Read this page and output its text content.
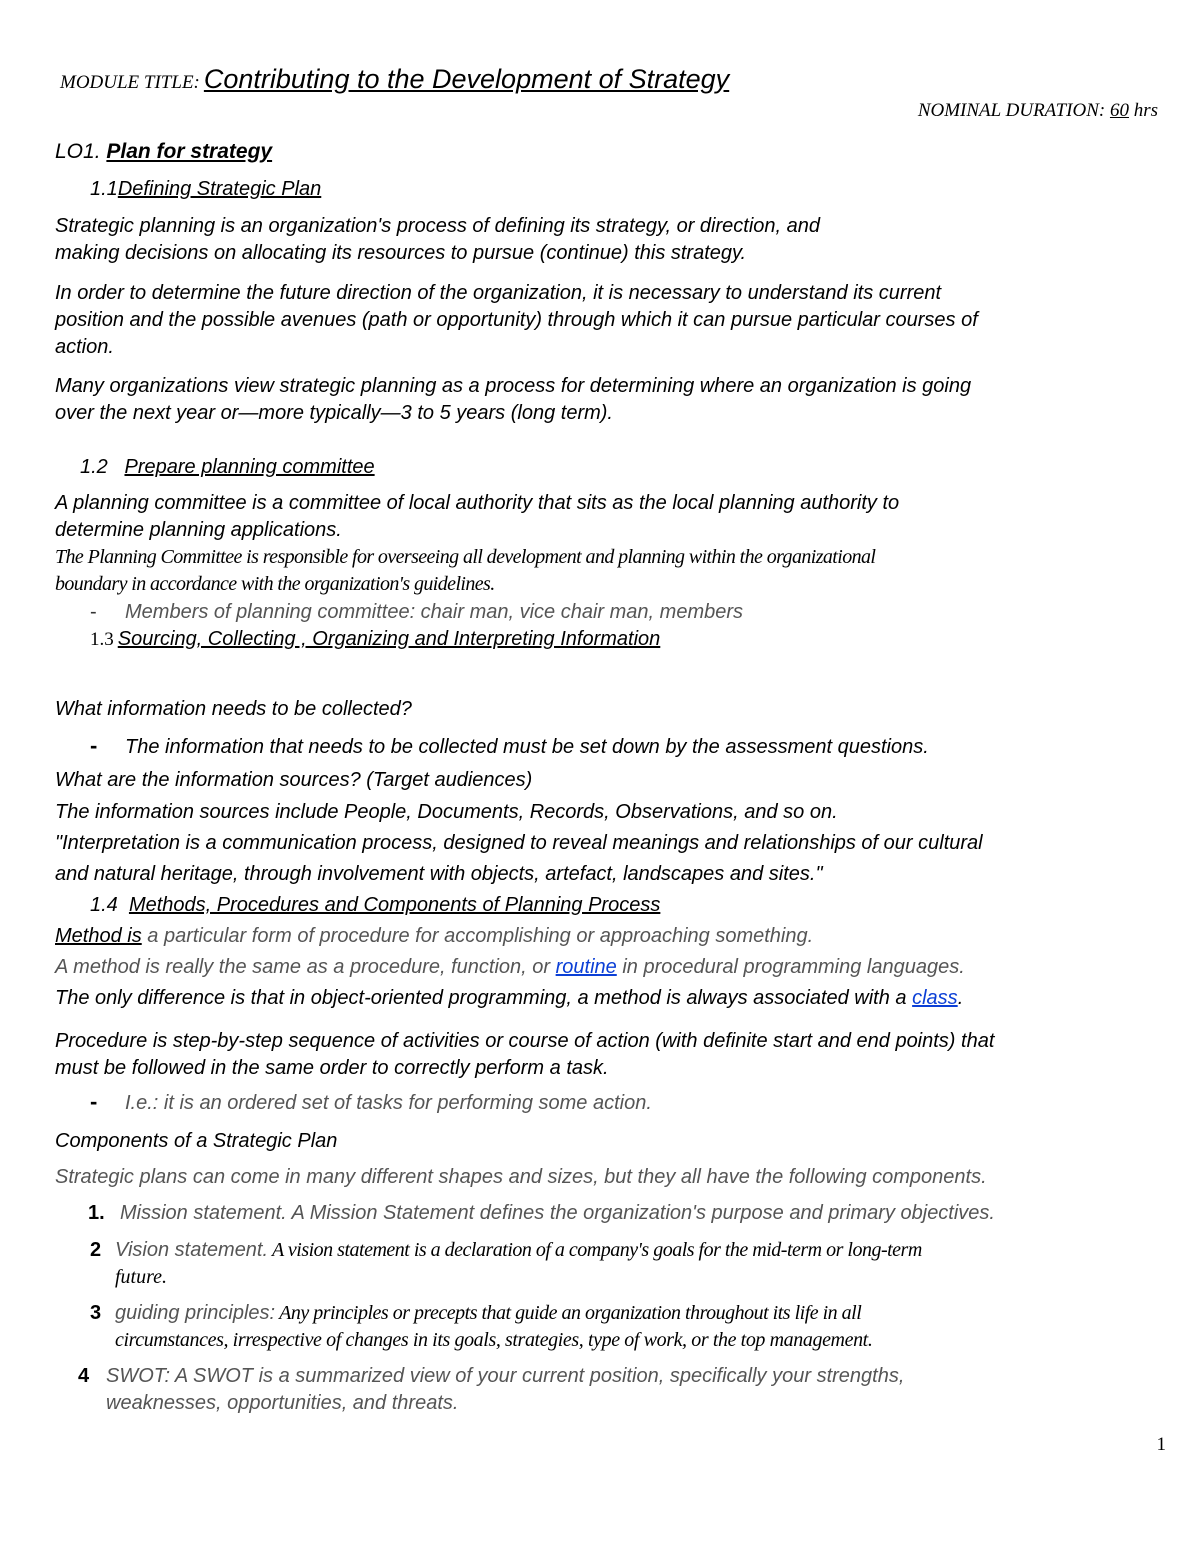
MODULE TITLE: Contributing to the Development of Strategy
NOMINAL DURATION: 60 hrs
LO1. Plan for strategy
1.1Defining Strategic Plan
Strategic planning is an organization's process of defining its strategy, or direction, and
making decisions on allocating its resources to pursue (continue) this strategy.
In order to determine the future direction of the organization, it is necessary to understand its current
position and the possible avenues (path or opportunity) through which it can pursue particular courses of
action.
Many organizations view strategic planning as a process for determining where an organization is going
over the next year or—more typically—3 to 5 years (long term).
1.2 Prepare planning committee
A planning committee is a committee of local authority that sits as the local planning authority to
determine planning applications.
The Planning Committee is responsible for overseeing all development and planning within the organizational
boundary in accordance with the organization's guidelines.
- Members of planning committee: chair man, vice chair man, members
1.3 Sourcing, Collecting , Organizing and Interpreting Information
What information needs to be collected?
- The information that needs to be collected must be set down by the assessment questions.
What are the information sources? (Target audiences)
The information sources include People, Documents, Records, Observations, and so on.
"Interpretation is a communication process, designed to reveal meanings and relationships of our cultural
and natural heritage, through involvement with objects, artefact, landscapes and sites."
1.4 Methods, Procedures and Components of Planning Process
Method is a particular form of procedure for accomplishing or approaching something.
A method is really the same as a procedure, function, or routine in procedural programming languages.
The only difference is that in object-oriented programming, a method is always associated with a class.
Procedure is step-by-step sequence of activities or course of action (with definite start and end points) that
must be followed in the same order to correctly perform a task.
- I.e.: it is an ordered set of tasks for performing some action.
Components of a Strategic Plan
Strategic plans can come in many different shapes and sizes, but they all have the following components.
1. Mission statement. A Mission Statement defines the organization's purpose and primary objectives.
2 Vision statement. A vision statement is a declaration of a company's goals for the mid-term or long-term
future.
3 guiding principles: Any principles or precepts that guide an organization throughout its life in all
circumstances, irrespective of changes in its goals, strategies, type of work, or the top management.
4 SWOT: A SWOT is a summarized view of your current position, specifically your strengths,
weaknesses, opportunities, and threats.
1
